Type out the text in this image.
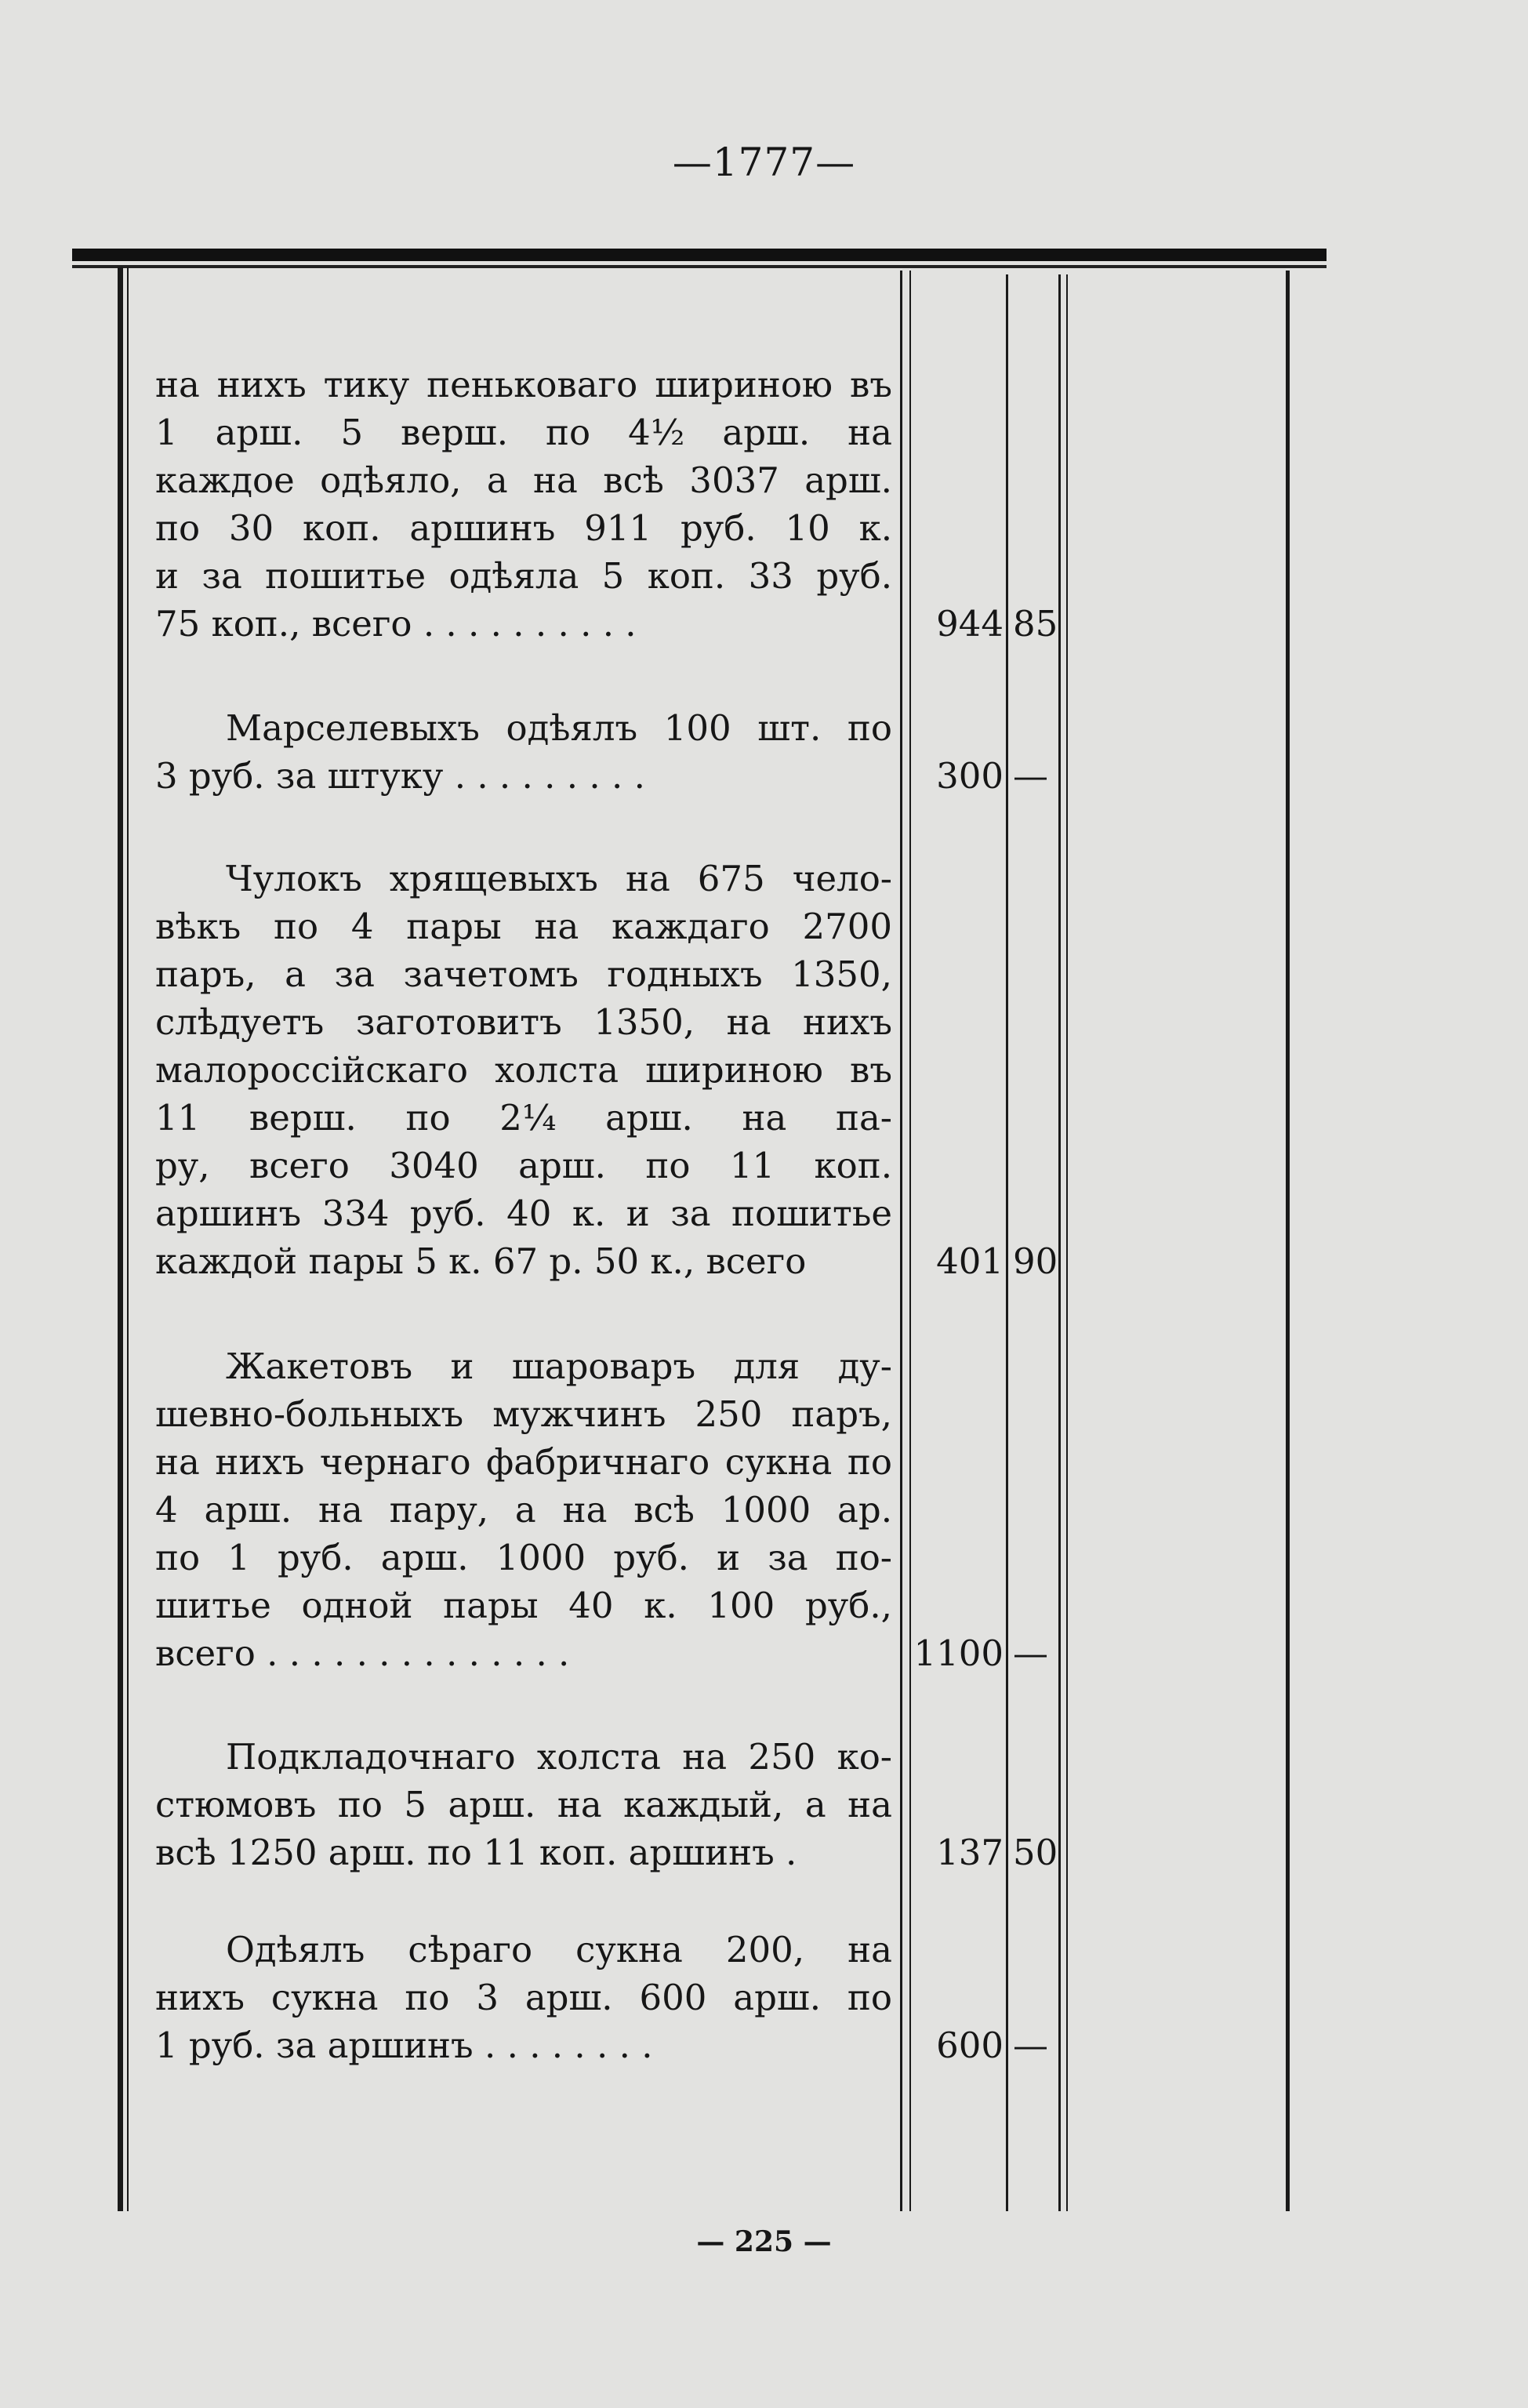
—1777—
на нихъ тику пеньковаго шириною въ
1 арш. 5 верш. по 4½ арш. на
каждое одѣяло, а на всѣ 3037 арш.
по 30 коп. аршинъ 911 руб. 10 к.
и за пошитье одѣяла 5 коп. 33 руб.
75 коп., всего . . . . . . . . . .	944 85
Марселевыхъ одѣялъ 100 шт. по
3 руб. за штуку . . . . . . . . .	300 —
Чулокъ хрящевыхъ на 675 чело-
вѣкъ по 4 пары на каждаго 2700
паръ, а за зачетомъ годныхъ 1350,
слѣдуетъ заготовитъ 1350, на нихъ
малороссійскаго холста шириною въ
11 верш. по 2¼ арш. на па-
ру, всего 3040 арш. по 11 коп.
аршинъ 334 руб. 40 к. и за пошитье
каждой пары 5 к. 67 р. 50 к., всего	401 90
Жакетовъ и шароваръ для ду-
шевно-больныхъ мужчинъ 250 паръ,
на нихъ чернаго фабричнаго сукна по
4 арш. на пару, а на всѣ 1000 ар.
по 1 руб. арш. 1000 руб. и за по-
шитье одной пары 40 к. 100 руб.,
всего . . . . . . . . . . . . . .	1100 —
Подкладочнаго холста на 250 ко-
стюмовъ по 5 арш. на каждый, а на
всѣ 1250 арш. по 11 коп. аршинъ .	137 50
Одѣялъ сѣраго сукна 200, на
нихъ сукна по 3 арш. 600 арш. по
1 руб. за аршинъ . . . . . . . .	600 —
— 225 —
